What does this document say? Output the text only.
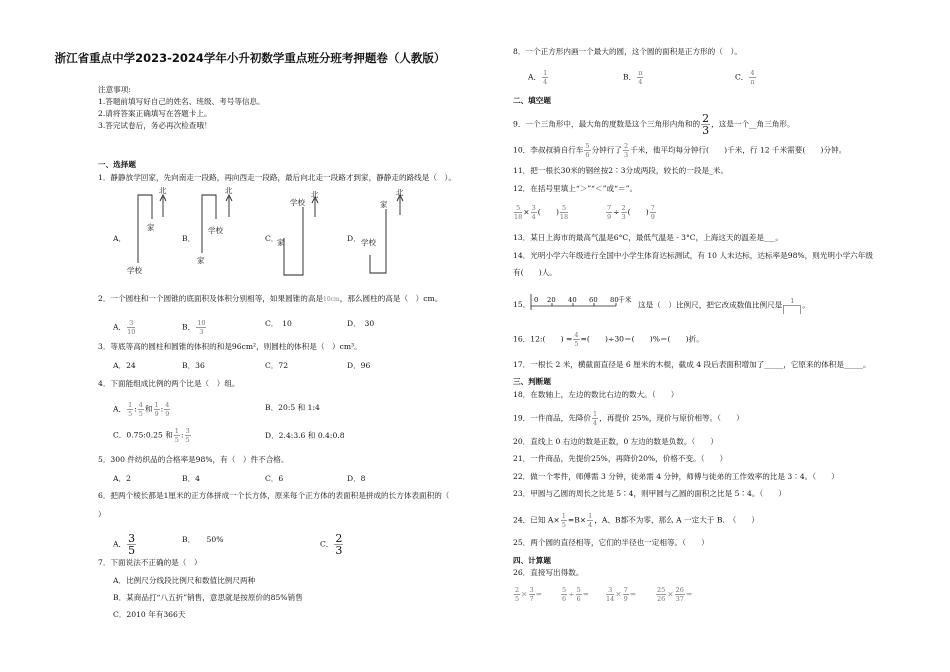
浙江省重点中学2023-2024学年小升初数学重点班分班考押题卷（人教版）
注意事项:
1.答题前填写好自己的姓名、班级、考号等信息。
2.请将答案正确填写在答题卡上。
3.答完试卷后，务必再次检查哦！
一、选择题
1．静静放学回家，先向南走一段路，再向西走一段路，最后向北走一段路才到家，静静走的路线是（　）。
A．	B．	C．	D．
北
家
学校
北
学校
家
学校
北
家
家
北
学校
2．一个圆柱和一个圆锥的底面积及体积分别相等，如果圆锥的高是10cm，那么圆柱的高是（　）cm。
A． $\frac{3}{10}$	B． $\frac{10}{3}$	C．　 10	D．　 30
3．等底等高的圆柱和圆锥的体积的和是96cm²，则圆柱的体积是（　）cm³。
A．24	B．36	C．72	D．96
4．下面能组成比例的两个比是（　）组。
A． $\frac{1}{5}$ : $\frac{4}{5}$ 和 $\frac{1}{9}$ : $\frac{4}{9}$	B．20:5 和 1:4
C．0.75:0.25 和 $\frac{1}{5}$ : $\frac{3}{5}$	D．2.4:3.6 和 0.4:0.8
5．300 件纺织品的合格率是98%，有（　）件不合格。
A．2	B．4	C．6	D．8
6．把两个棱长都是1厘米的正方体拼成一个长方体，原来每个正方体的表面积是拼成的长方体表面积的（
）
A． $\frac{3}{5}$	B．　　50%	C． $\frac{2}{3}$
7．下面说法不正确的是（　）
A．比例尺分线段比例尺和数值比例尺两种
B．某商品打“八五折”销售，意思就是按原价的85%销售
C．2010 年有366天
8．一个正方形内画一个最大的圆，这个圆的面积是正方形的（　）。
A． $\frac{1}{4}$	B． $\frac{\pi}{4}$	C． $\frac{4}{\pi}$
二、填空题
9．一个三角形中，最大角的度数是这个三角形内角和的 $\frac{2}{3}$ ，这是一个__角三角形。
10．李叔叔骑自行车 $\frac{5}{6}$ 分钟行了 $\frac{2}{3}$ 千米，他平均每分钟行(　　)千米，行 12 千米需要(　　)分钟。
11．把一根长30米的钢丝按2∶3分成两段，较长的一段是_米。
12．在括号里填上“＞”“＜”或“＝”。
$\frac{5}{18} \times \frac{3}{4}$ (　　) $\frac{5}{18}$	$\frac{7}{9} \div \frac{2}{3}$ (　　) $\frac{7}{9}$
13．某日上海市的最高气温是6°C，最低气温是 - 3°C，上海这天的温差是___。
14．光明小学六年级进行全国中小学生体育达标测试，有 10 人未达标，达标率是98%，则光明小学六年级
有(　　)人。
15． 0 20 40 60 80 千米
这是（　）比例尺，把它改成数值比例尺是	1	。
16．12:(　　) = $\frac{4}{5}$ =(　　)÷30＝(　　)%＝(　　)折。
17．一根长 2 米，横截面直径是 6 厘米的木棍，截成 4 段后表面积增加了_____，它原来的体积是_____。
三、判断题
18．在数轴上，左边的数比右边的数大。（　　）
19．一件商品，先降价 $\frac{1}{4}$ ，再提价 25%，现价与原价相等。（　　）
20．直线上 0 右边的数是正数，0 左边的数是负数。（　　）
21．一件商品，先提价25%，再降价20%，价格不变。（　　）
22．做一个零件，师傅需 3 分钟，徒弟需 4 分钟，师傅与徒弟的工作效率的比是 3∶4。（　　）
23．甲圆与乙圆的周长之比是 5∶4，则甲圆与乙圆的面积之比是 5∶4。（　　）
24．已知 $A\times \frac{1}{5} =B\times \frac{1}{4}$ ，A、B都不为零，那么 A 一定大于 B.　（　　）
25．两个圆的直径相等，它们的半径也一定相等。（　　）
四、计算题
26．直接写出得数。
$\frac{2}{5} \times \frac{3}{7}$ =	$\frac{5}{6} \div \frac{5}{6}$ =	$\frac{3}{14} \times \frac{7}{9}$ =	$\frac{25}{26} \times \frac{26}{37}$ =
